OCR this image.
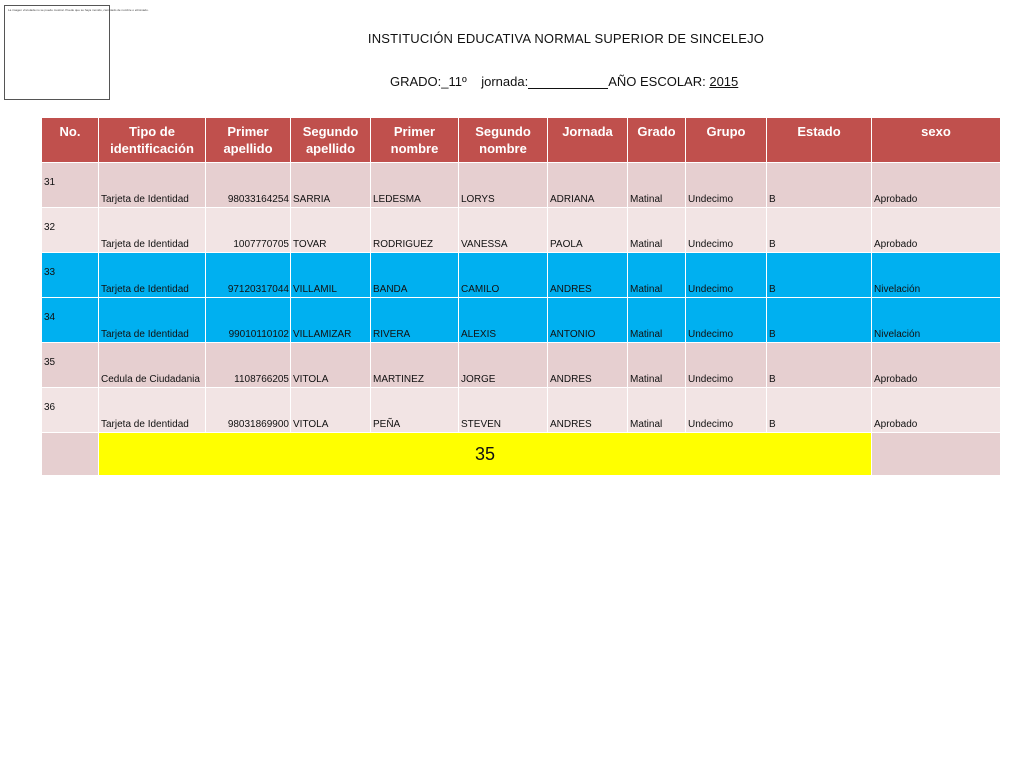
La imagen vinculada no se puede mostrar. Puede que se haya movido, cambiado de nombre o eliminado.
INSTITUCIÓN EDUCATIVA NORMAL SUPERIOR DE SINCELEJO
GRADO:_11º jornada:	AÑO ESCOLAR: 2015
No.	Tipo de identificación	Primer apellido	Segundo apellido	Primer nombre	Segundo nombre	Jornada	Grado	Grupo	Estado	sexo
31	Tarjeta de Identidad	98033164254	SARRIA	LEDESMA	LORYS	ADRIANA	Matinal	Undecimo	B	Aprobado
32	Tarjeta de Identidad	1007770705	TOVAR	RODRIGUEZ	VANESSA	PAOLA	Matinal	Undecimo	B	Aprobado
33	Tarjeta de Identidad	97120317044	VILLAMIL	BANDA	CAMILO	ANDRES	Matinal	Undecimo	B	Nivelación
34	Tarjeta de Identidad	99010110102	VILLAMIZAR	RIVERA	ALEXIS	ANTONIO	Matinal	Undecimo	B	Nivelación
35	Cedula de Ciudadania	1108766205	VITOLA	MARTINEZ	JORGE	ANDRES	Matinal	Undecimo	B	Aprobado
36	Tarjeta de Identidad	98031869900	VITOLA	PEÑA	STEVEN	ANDRES	Matinal	Undecimo	B	Aprobado
	35									
